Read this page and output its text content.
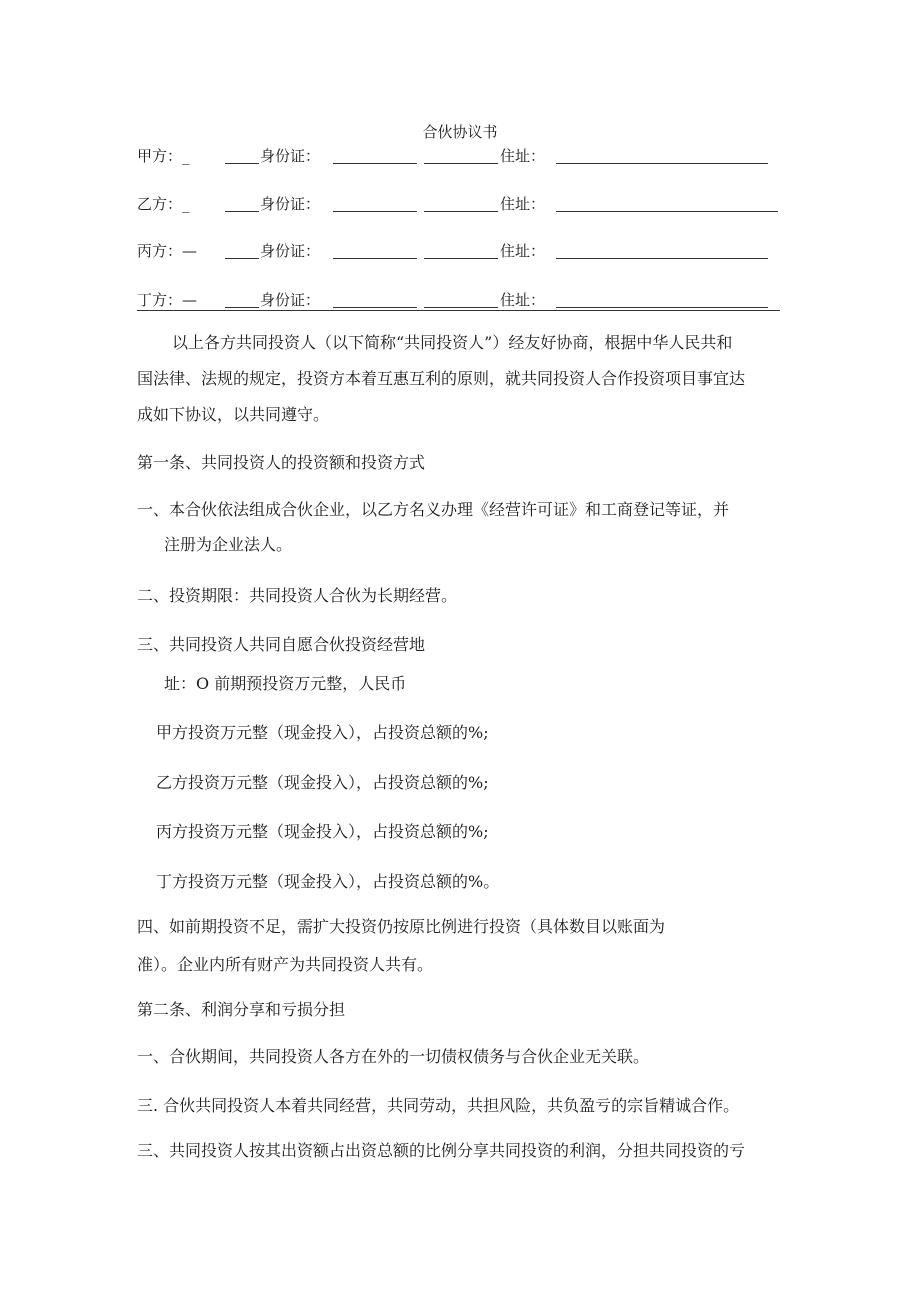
合伙协议书
甲方：_	身份证：	住址：
乙方：_	身份证：	住址：
丙方：—	身份证：	住址：
丁方：—	身份证：	住址：
以上各方共同投资人（以下简称“共同投资人”）经友好协商，根据中华人民共和
国法律、法规的规定，投资方本着互惠互利的原则，就共同投资人合作投资项目事宜达
成如下协议，以共同遵守。
第一条、共同投资人的投资额和投资方式
一、本合伙依法组成合伙企业，以乙方名义办理《经营许可证》和工商登记等证，并
注册为企业法人。
二、投资期限：共同投资人合伙为长期经营。
三、共同投资人共同自愿合伙投资经营地
址：O 前期预投资万元整，人民币
甲方投资万元整（现金投入），占投资总额的%;
乙方投资万元整（现金投入），占投资总额的%;
丙方投资万元整（现金投入），占投资总额的%;
丁方投资万元整（现金投入），占投资总额的%。
四、如前期投资不足，需扩大投资仍按原比例进行投资（具体数目以账面为
准）。企业内所有财产为共同投资人共有。
第二条、利润分享和亏损分担
一、合伙期间，共同投资人各方在外的一切债权债务与合伙企业无关联。
三. 合伙共同投资人本着共同经营，共同劳动，共担风险，共负盈亏的宗旨精诚合作。
三、共同投资人按其出资额占出资总额的比例分享共同投资的利润，分担共同投资的亏
